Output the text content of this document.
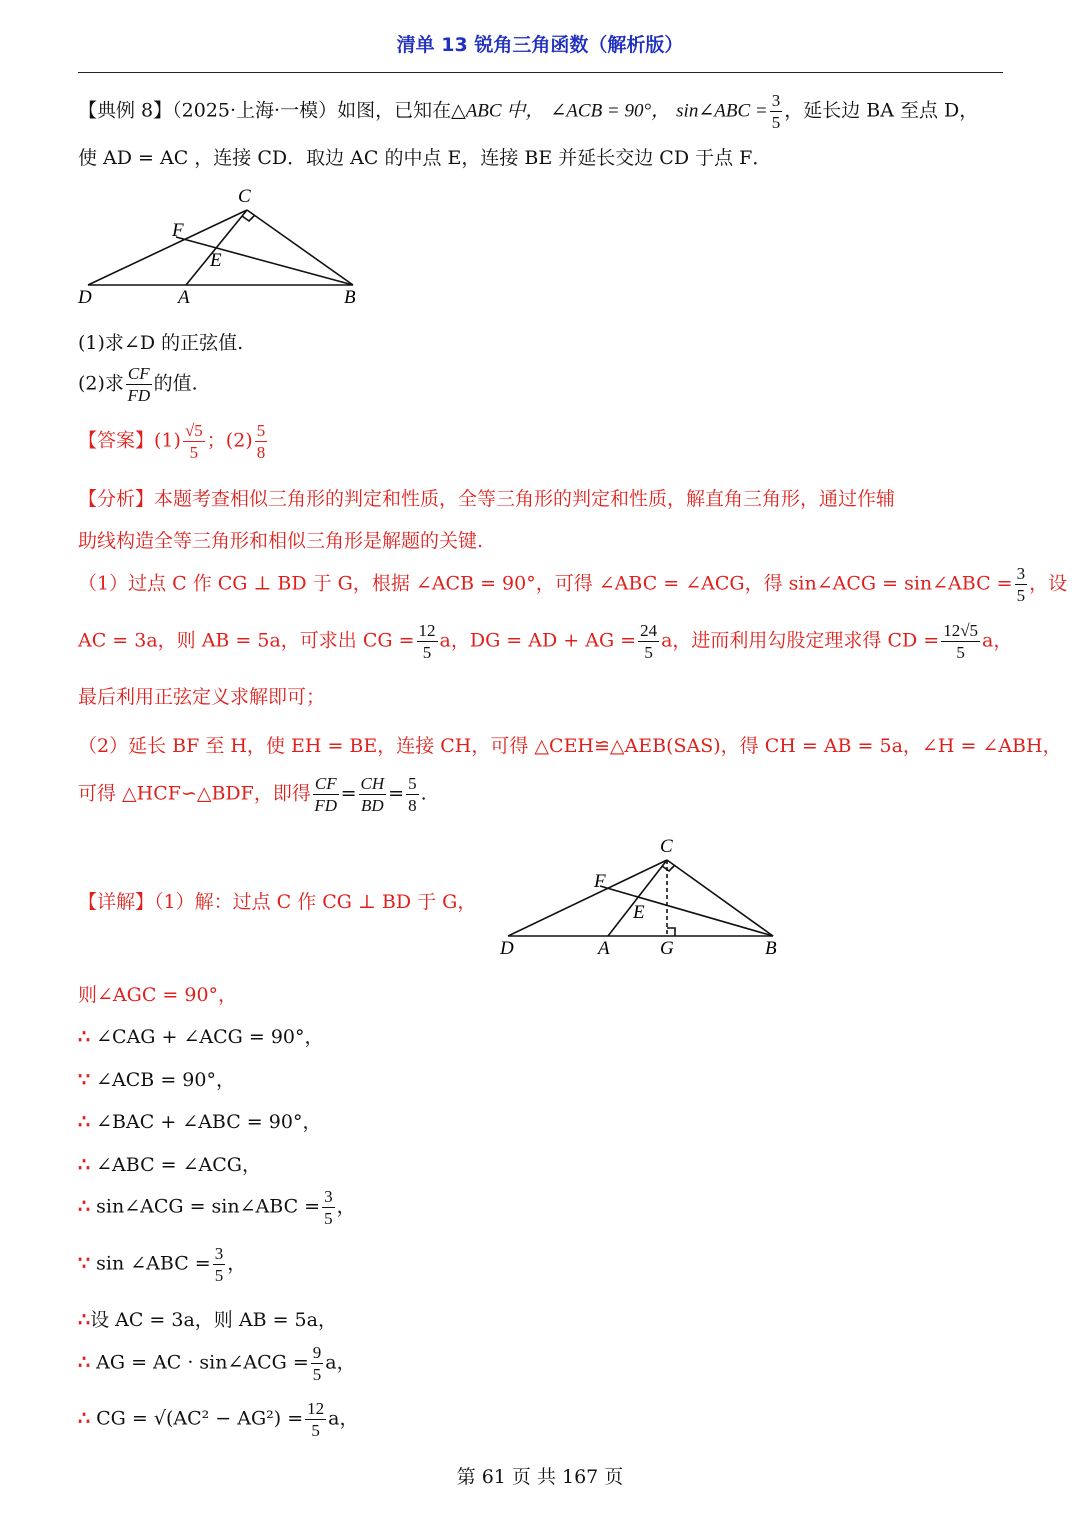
清单 13 锐角三角函数（解析版）
【典例 8】（2025·上海·一模）如图，已知在△ABC 中， ∠ACB = 90°， sin∠ABC = $\frac{3}{5}$ ，延长边 BA 至点 D，
使 AD = AC ，连接 CD．取边 AC 的中点 E，连接 BE 并延长交边 CD 于点 F．
C
F
E
D	A	B
(1)求∠D 的正弦值.
(2)求 $\frac{CF}{FD}$ 的值.
【答案】$(1) \frac{√5}{5}$ ；$(2) \frac{5}{8}$
【分析】本题考查相似三角形的判定和性质，全等三角形的判定和性质，解直角三角形，通过作辅
助线构造全等三角形和相似三角形是解题的关键.
（1）过点 C 作 CG ⊥ BD 于 G，根据 ∠ACB = 90°，可得 ∠ABC = ∠ACG，得 sin∠ACG = sin∠ABC = $\frac{3}{5}$ ，设
AC = 3a，则 AB = 5a，可求出 CG = $\frac{12}{5}$ a，DG = AD + AG = $\frac{24}{5}$ a，进而利用勾股定理求得 CD = $\frac{12√5}{5}$ a，
最后利用正弦定义求解即可；
（2）延长 BF 至 H，使 EH = BE，连接 CH，可得 △CEH≌△AEB(SAS)，得 CH = AB = 5a，∠H = ∠ABH，
可得 △HCF∽△BDF，即得 $\frac{CF}{FD} = \frac{CH}{BD} = \frac{5}{8}$ .
【详解】（1）解：过点 C 作 CG ⊥ BD 于 G，
C
F
E
D	A	G	B
则∠AGC = 90°，
∴ ∠CAG + ∠ACG = 90°，
∵ ∠ACB = 90°，
∴ ∠BAC + ∠ABC = 90°，
∴ ∠ABC = ∠ACG，
∴ sin∠ACG = sin∠ABC = $\frac{3}{5}$ ，
∵ sin ∠ABC = $\frac{3}{5}$ ，
∴设 AC = 3a，则 AB = 5a，
∴ AG = AC · sin∠ACG = $\frac{9}{5}$ a，
∴ CG = $√(AC^2 - AG^2) = \frac{12}{5}$ a，
第 61 页 共 167 页
